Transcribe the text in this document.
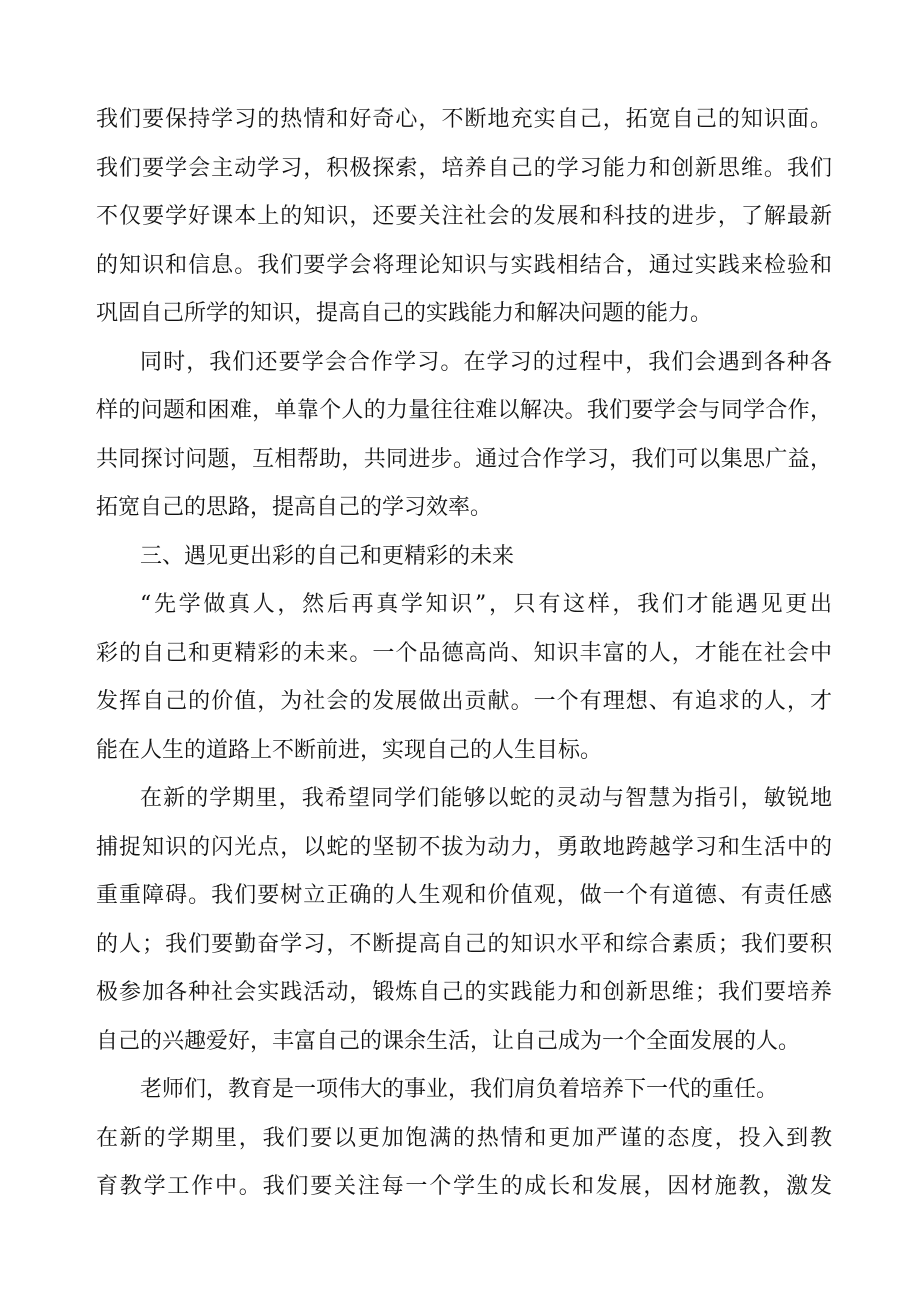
我们要保持学习的热情和好奇心，不断地充实自己，拓宽自己的知识面。
我们要学会主动学习，积极探索，培养自己的学习能力和创新思维。我们
不仅要学好课本上的知识，还要关注社会的发展和科技的进步，了解最新
的知识和信息。我们要学会将理论知识与实践相结合，通过实践来检验和
巩固自己所学的知识，提高自己的实践能力和解决问题的能力。
同时，我们还要学会合作学习。在学习的过程中，我们会遇到各种各
样的问题和困难，单靠个人的力量往往难以解决。我们要学会与同学合作，
共同探讨问题，互相帮助，共同进步。通过合作学习，我们可以集思广益，
拓宽自己的思路，提高自己的学习效率。
三、遇见更出彩的自己和更精彩的未来
“先学做真人，然后再真学知识”，只有这样，我们才能遇见更出
彩的自己和更精彩的未来。一个品德高尚、知识丰富的人，才能在社会中
发挥自己的价值，为社会的发展做出贡献。一个有理想、有追求的人，才
能在人生的道路上不断前进，实现自己的人生目标。
在新的学期里，我希望同学们能够以蛇的灵动与智慧为指引，敏锐地
捕捉知识的闪光点，以蛇的坚韧不拔为动力，勇敢地跨越学习和生活中的
重重障碍。我们要树立正确的人生观和价值观，做一个有道德、有责任感
的人；我们要勤奋学习，不断提高自己的知识水平和综合素质；我们要积
极参加各种社会实践活动，锻炼自己的实践能力和创新思维；我们要培养
自己的兴趣爱好，丰富自己的课余生活，让自己成为一个全面发展的人。
老师们，教育是一项伟大的事业，我们肩负着培养下一代的重任。
在新的学期里，我们要以更加饱满的热情和更加严谨的态度，投入到教
育教学工作中。我们要关注每一个学生的成长和发展，因材施教，激发
